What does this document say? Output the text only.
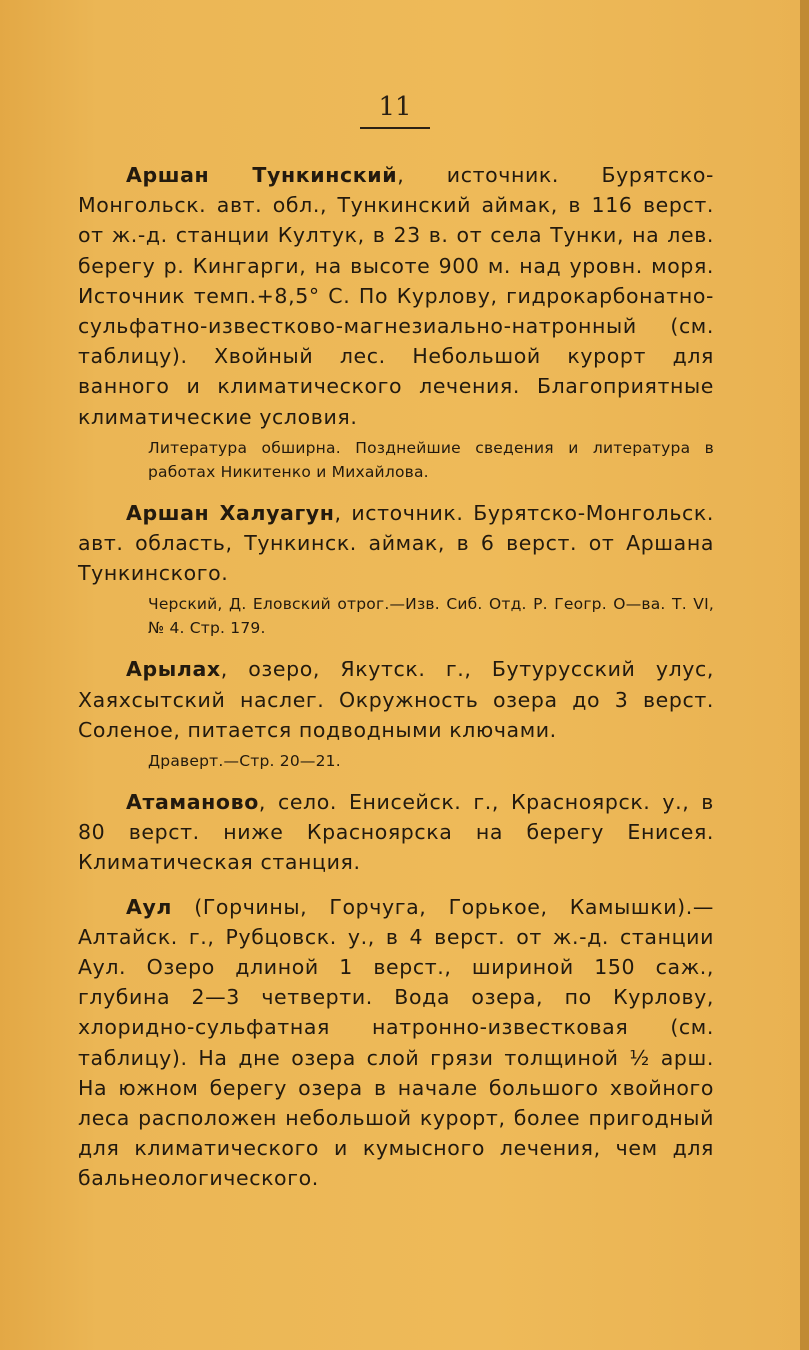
11

Аршан Тункинский, источник. Бурятско-Монгольск. авт. обл., Тункинский аймак, в 116 верст. от ж.-д. станции Култук, в 23 в. от села Тунки, на лев. берегу р. Кингарги, на высоте 900 м. над уровн. моря. Источник темп.+8,5° С. По Курлову, гидрокарбонатно-сульфатно-известково-магнезиально-натронный (см. таблицу). Хвойный лес. Небольшой курорт для ванного и климатического лечения. Благоприятные климатические условия.

Литература обширна. Позднейшие сведения и литература в работах Никитенко и Михайлова.

Аршан Халуагун, источник. Бурятско-Монгольск. авт. область, Тункинск. аймак, в 6 верст. от Аршана Тункинского.

Черский, Д. Еловский отрог.—Изв. Сиб. Отд. Р. Геогр. О—ва. Т. VI, № 4. Стр. 179.

Арылах, озеро, Якутск. г., Бутурусский улус, Хаяхсытский наслег. Окружность озера до 3 верст. Соленое, питается подводными ключами.

Драверт.—Стр. 20—21.

Атаманово, село. Енисейск. г., Красноярск. у., в 80 верст. ниже Красноярска на берегу Енисея. Климатическая станция.

Аул (Горчины, Горчуга, Горькое, Камышки).—Алтайск. г., Рубцовск. у., в 4 верст. от ж.-д. станции Аул. Озеро длиной 1 верст., шириной 150 саж., глубина 2—3 четверти. Вода озера, по Курлову, хлоридно-сульфатная натронно-известковая (см. таблицу). На дне озера слой грязи толщиной ½ арш. На южном берегу озера в начале большого хвойного леса расположен небольшой курорт, более пригодный для климатического и кумысного лечения, чем для бальнеологического.
